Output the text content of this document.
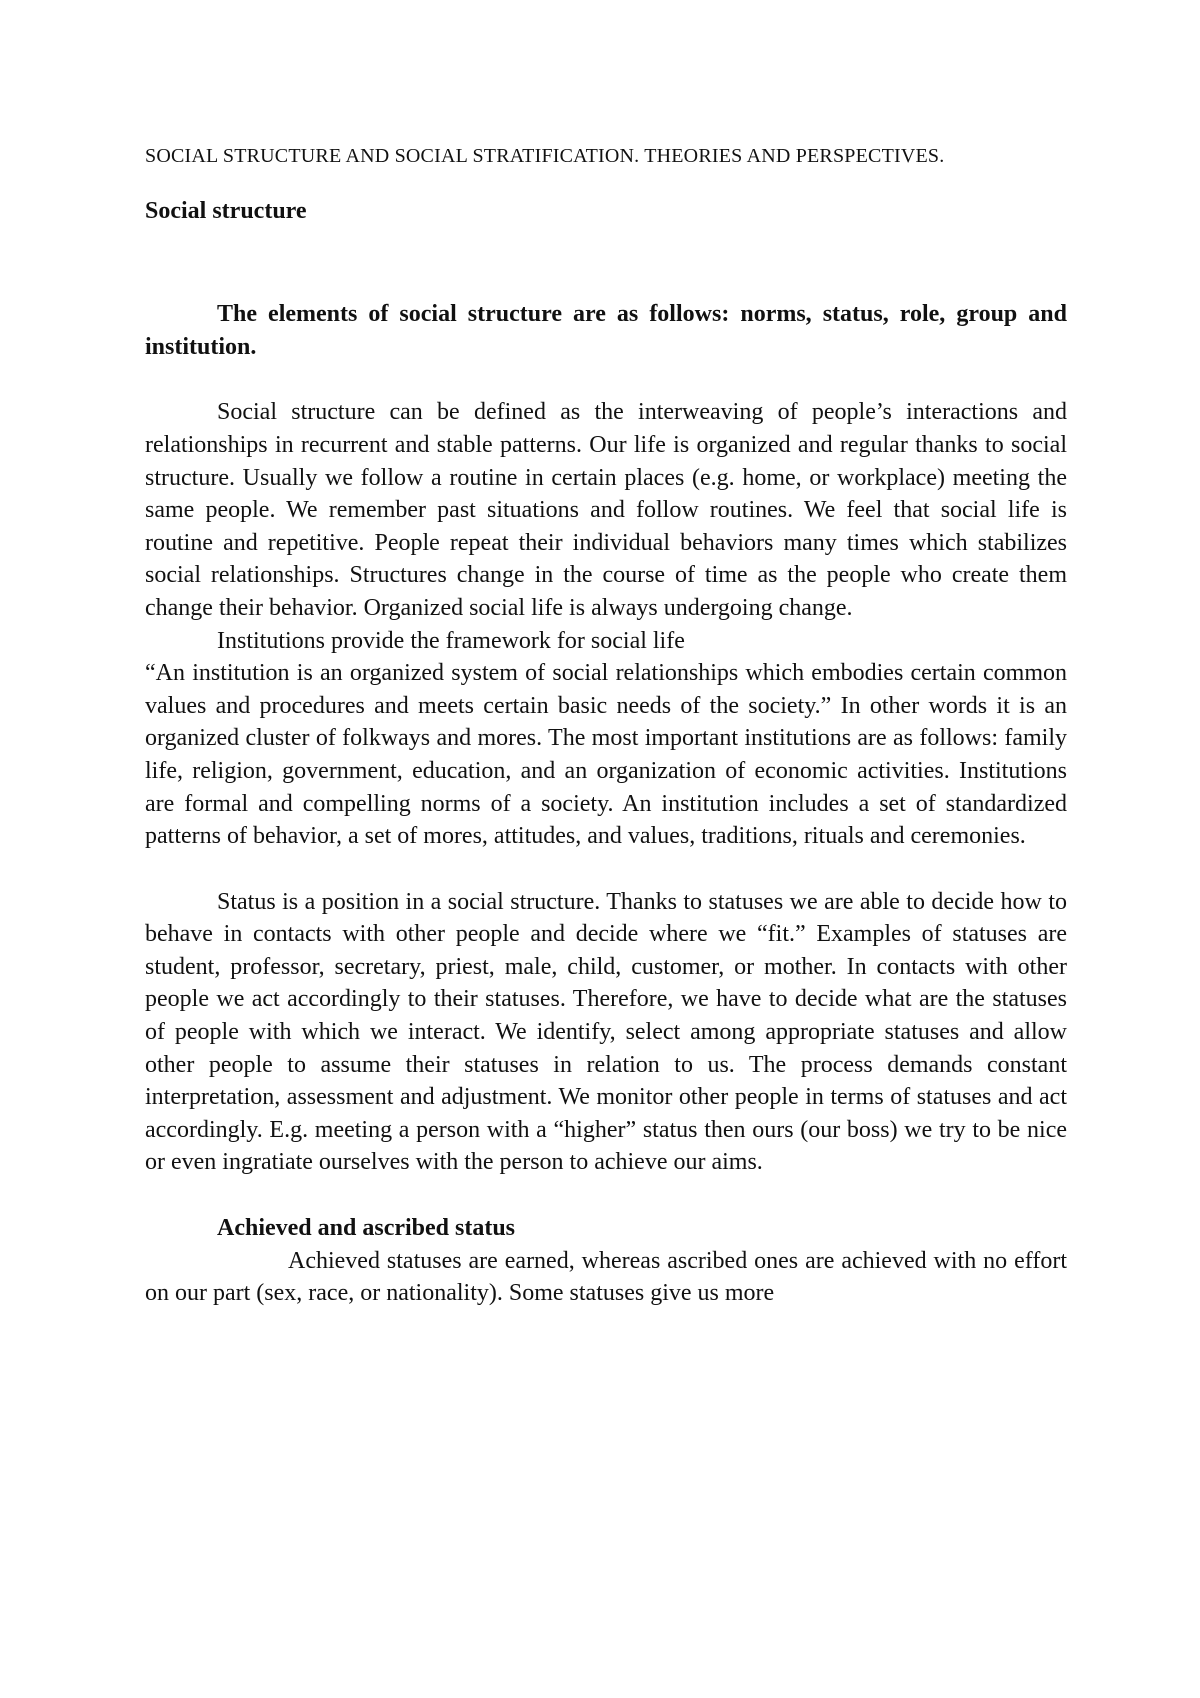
SOCIAL STRUCTURE AND SOCIAL STRATIFICATION. THEORIES AND PERSPECTIVES.

Social structure

The elements of social structure are as follows: norms, status, role, group and institution.

Social structure can be defined as the interweaving of people’s interactions and relationships in recurrent and stable patterns. Our life is organized and regular thanks to social structure. Usually we follow a routine in certain places (e.g. home, or workplace) meeting the same people. We remember past situations and follow routines. We feel that social life is routine and repetitive. People repeat their individual behaviors many times which stabilizes social relationships. Structures change in the course of time as the people who create them change their behavior. Organized social life is always undergoing change.

Institutions provide the framework for social life

“An institution is an organized system of social relationships which embodies certain common values and procedures and meets certain basic needs of the society.” In other words it is an organized cluster of folkways and mores. The most important institutions are as follows: family life, religion, government, education, and an organization of economic activities. Institutions are formal and compelling norms of a society. An institution includes a set of standardized patterns of behavior, a set of mores, attitudes, and values, traditions, rituals and ceremonies.

Status is a position in a social structure. Thanks to statuses we are able to decide how to behave in contacts with other people and decide where we “fit.” Examples of statuses are student, professor, secretary, priest, male, child, customer, or mother. In contacts with other people we act accordingly to their statuses. Therefore, we have to decide what are the statuses of people with which we interact. We identify, select among appropriate statuses and allow other people to assume their statuses in relation to us. The process demands constant interpretation, assessment and adjustment. We monitor other people in terms of statuses and act accordingly. E.g. meeting a person with a “higher” status then ours (our boss) we try to be nice or even ingratiate ourselves with the person to achieve our aims.

Achieved and ascribed status

Achieved statuses are earned, whereas ascribed ones are achieved with no effort on our part (sex, race, or nationality). Some statuses give us more
